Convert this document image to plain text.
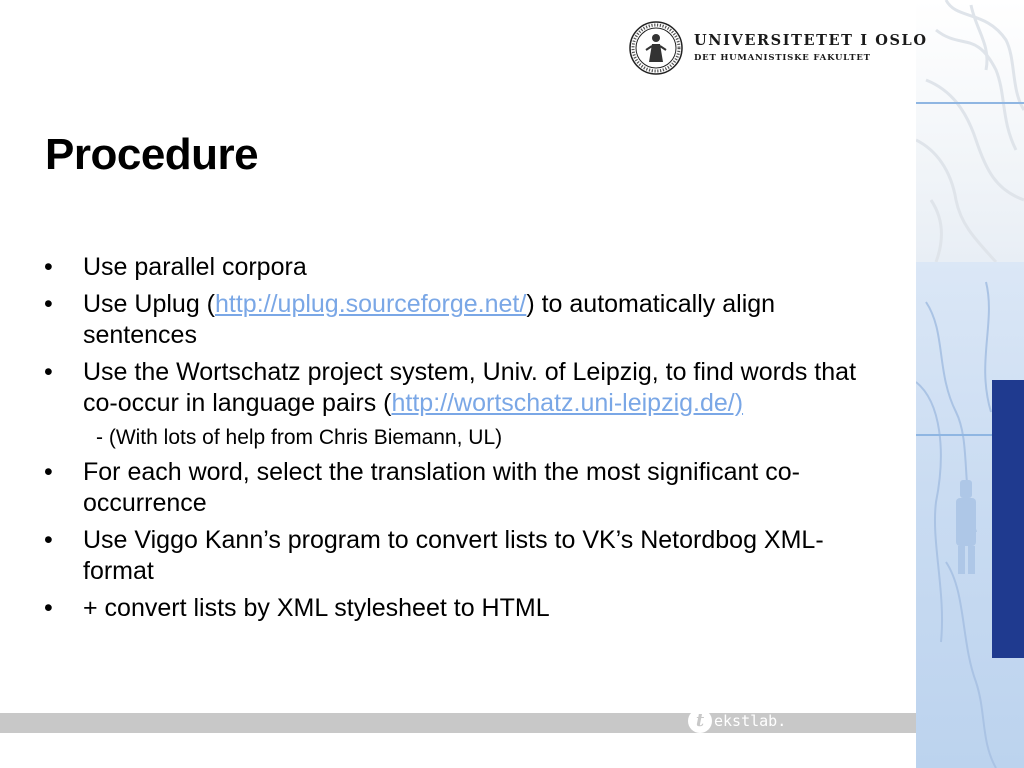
UNIVERSITETET I OSLO
DET HUMANISTISKE FAKULTET
Procedure
• Use parallel corpora
• Use Uplug (http://uplug.sourceforge.net/) to automatically align sentences
• Use the Wortschatz project system, Univ. of Leipzig, to find words that co-occur in language pairs (http://wortschatz.uni-leipzig.de/)
- (With lots of help from Chris Biemann, UL)
• For each word, select the translation with the most significant co-occurrence
• Use Viggo Kann’s program to convert lists to VK’s Netordbog XML-format
• + convert lists by XML stylesheet to HTML
t ekstlab.
